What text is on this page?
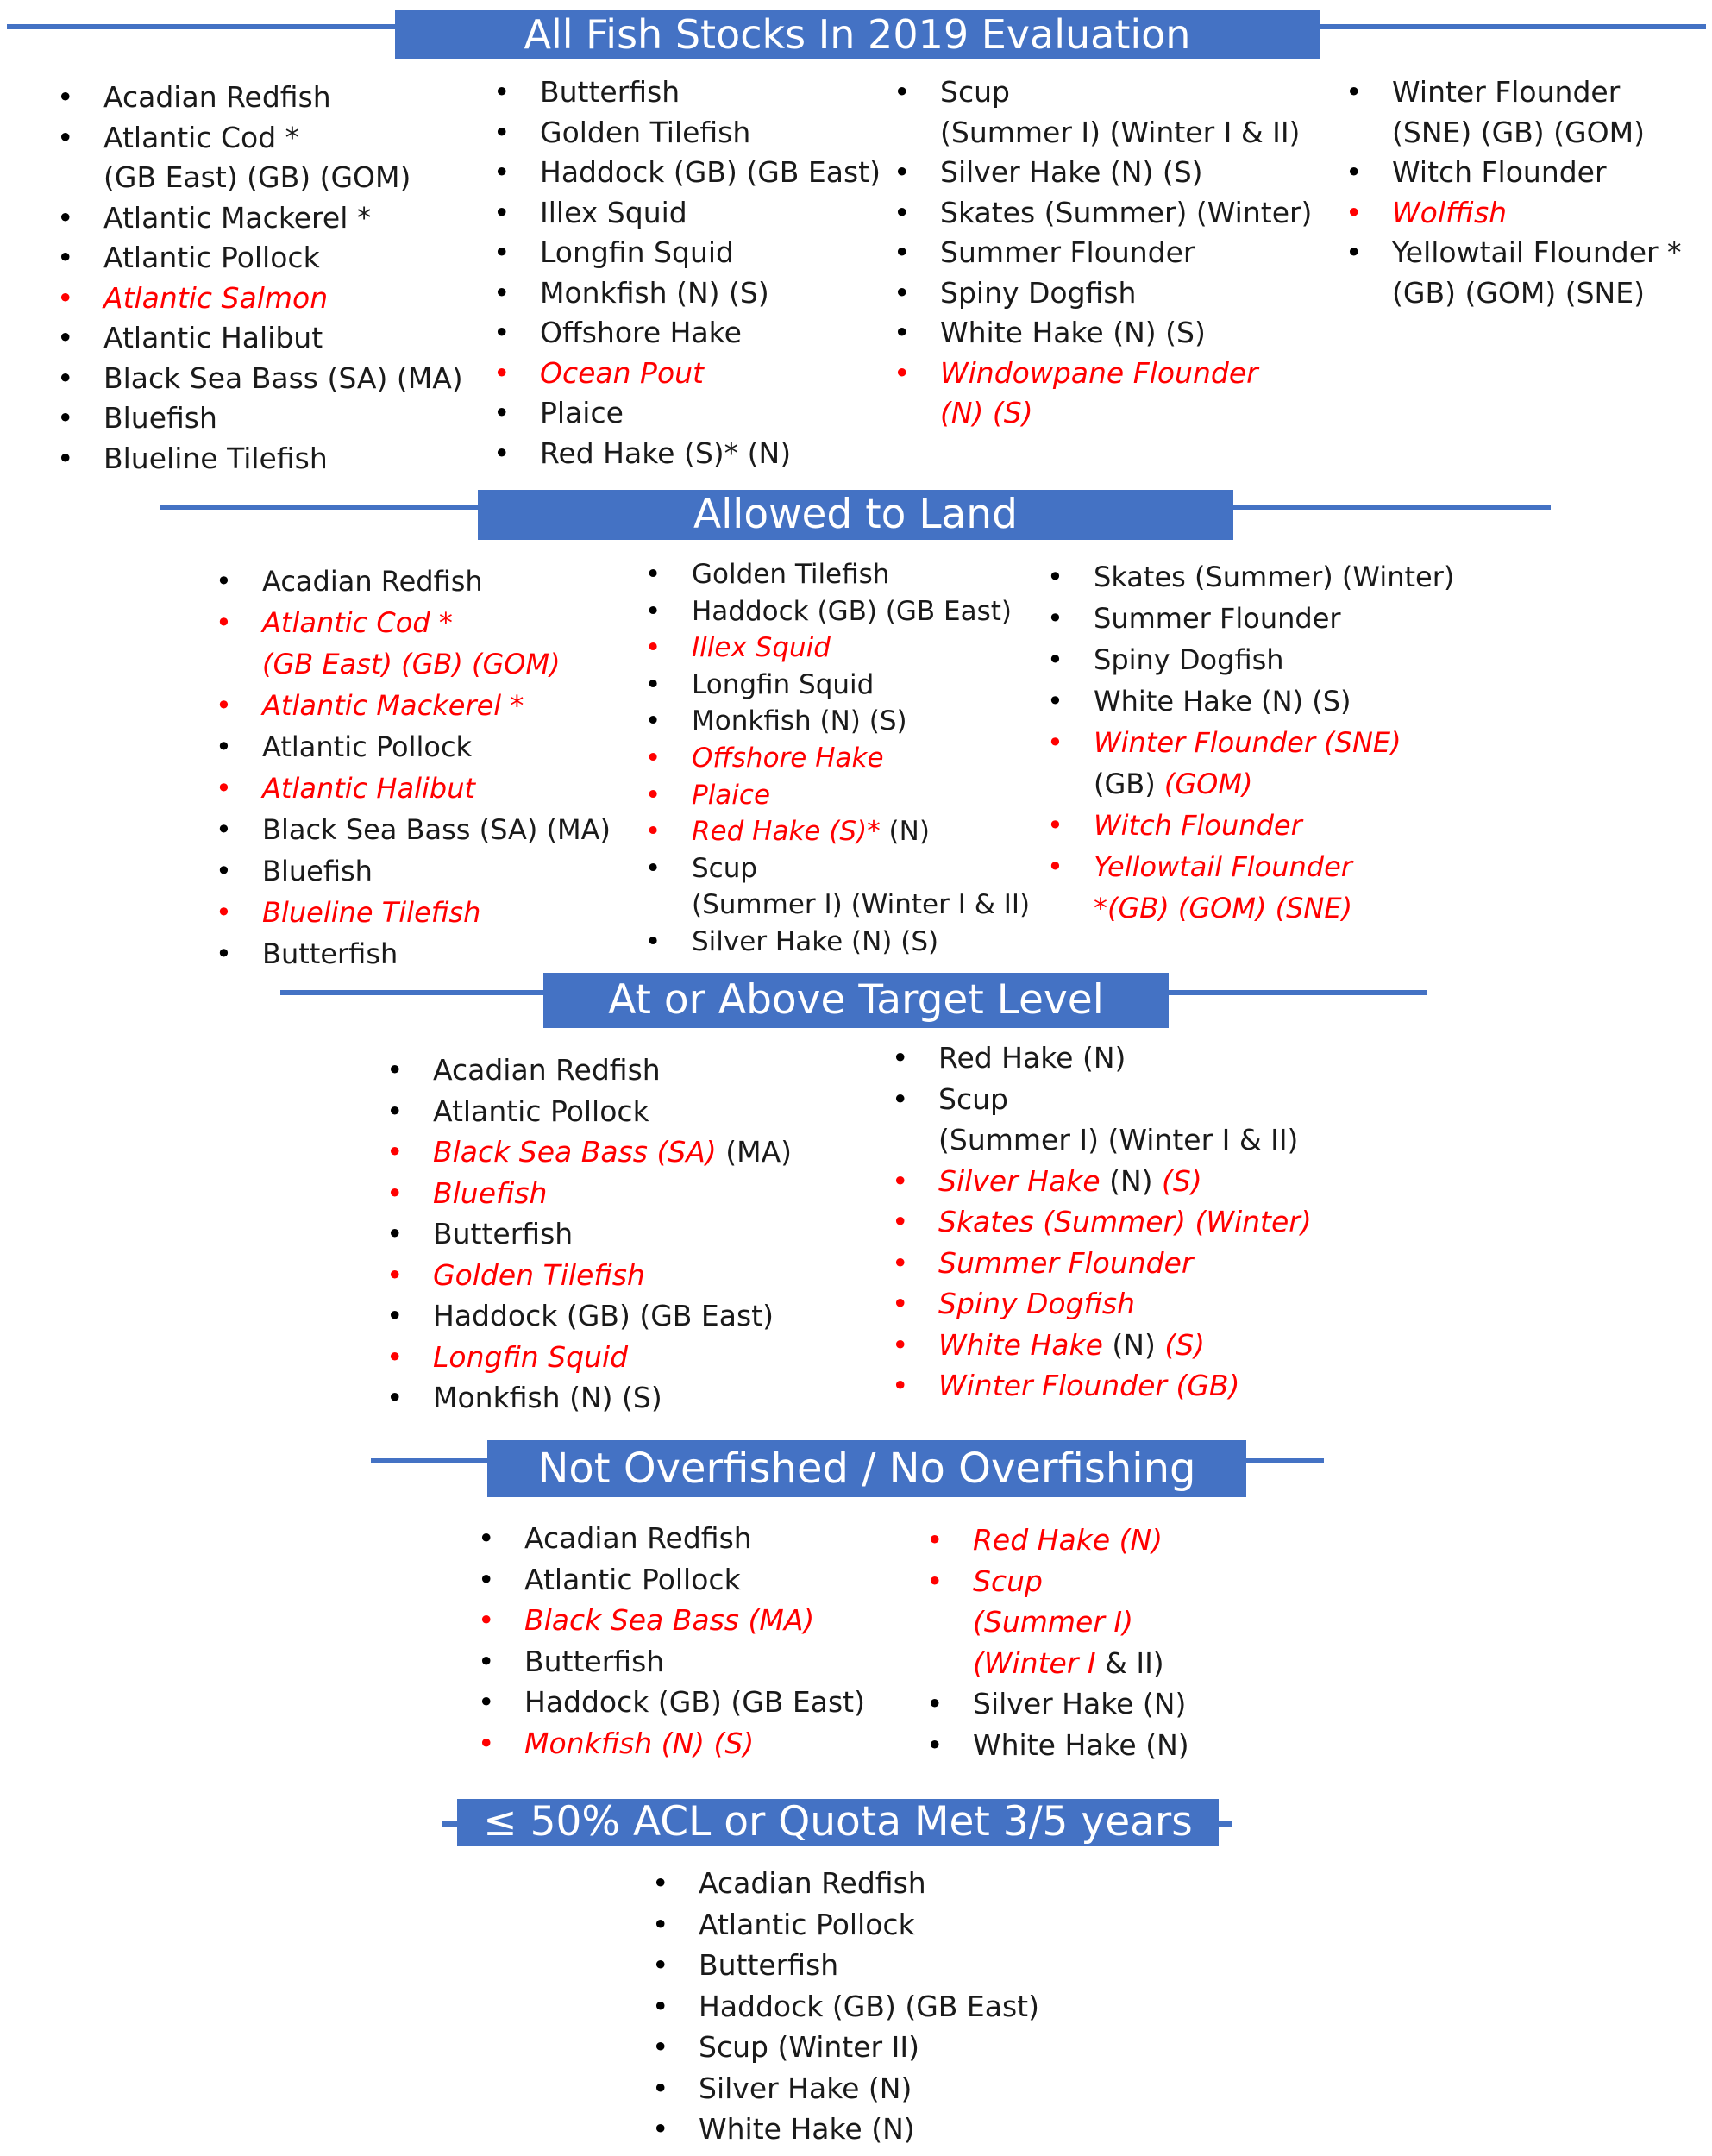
All Fish Stocks In 2019 Evaluation
•	Acadian Redfish
•	Atlantic Cod *
(GB East) (GB) (GOM)
•	Atlantic Mackerel *
•	Atlantic Pollock
•	Atlantic Salmon
•	Atlantic Halibut
•	Black Sea Bass (SA) (MA)
•	Bluefish
•	Blueline Tilefish
•	Butterfish
•	Golden Tilefish
•	Haddock (GB) (GB East)
•	Illex Squid
•	Longfin Squid
•	Monkfish (N) (S)
•	Offshore Hake
•	Ocean Pout
•	Plaice
•	Red Hake (S)* (N)
•	Scup
(Summer I) (Winter I & II)
•	Silver Hake (N) (S)
•	Skates (Summer) (Winter)
•	Summer Flounder
•	Spiny Dogfish
•	White Hake (N) (S)
•	Windowpane Flounder
(N) (S)
•	Winter Flounder
(SNE) (GB) (GOM)
•	Witch Flounder
•	Wolffish
•	Yellowtail Flounder *
(GB) (GOM) (SNE)
Allowed to Land
•	Acadian Redfish
•	Atlantic Cod *
(GB East) (GB) (GOM)
•	Atlantic Mackerel *
•	Atlantic Pollock
•	Atlantic Halibut
•	Black Sea Bass (SA) (MA)
•	Bluefish
•	Blueline Tilefish
•	Butterfish
•	Golden Tilefish
•	Haddock (GB) (GB East)
•	Illex Squid
•	Longfin Squid
•	Monkfish (N) (S)
•	Offshore Hake
•	Plaice
•	Red Hake (S)* (N)
•	Scup
(Summer I) (Winter I & II)
•	Silver Hake (N) (S)
•	Skates (Summer) (Winter)
•	Summer Flounder
•	Spiny Dogfish
•	White Hake (N) (S)
•	Winter Flounder (SNE)
(GB) (GOM)
•	Witch Flounder
•	Yellowtail Flounder
*(GB) (GOM) (SNE)
At or Above Target Level
•	Acadian Redfish
•	Atlantic Pollock
•	Black Sea Bass (SA) (MA)
•	Bluefish
•	Butterfish
•	Golden Tilefish
•	Haddock (GB) (GB East)
•	Longfin Squid
•	Monkfish (N) (S)
•	Red Hake (N)
•	Scup
(Summer I) (Winter I & II)
•	Silver Hake (N) (S)
•	Skates (Summer) (Winter)
•	Summer Flounder
•	Spiny Dogfish
•	White Hake (N) (S)
•	Winter Flounder (GB)
Not Overfished / No Overfishing
•	Acadian Redfish
•	Atlantic Pollock
•	Black Sea Bass (MA)
•	Butterfish
•	Haddock (GB) (GB East)
•	Monkfish (N) (S)
•	Red Hake (N)
•	Scup
(Summer I)
(Winter I & II)
•	Silver Hake (N)
•	White Hake (N)
≤ 50% ACL or Quota Met 3/5 years
•	Acadian Redfish
•	Atlantic Pollock
•	Butterfish
•	Haddock (GB) (GB East)
•	Scup (Winter II)
•	Silver Hake (N)
•	White Hake (N)
